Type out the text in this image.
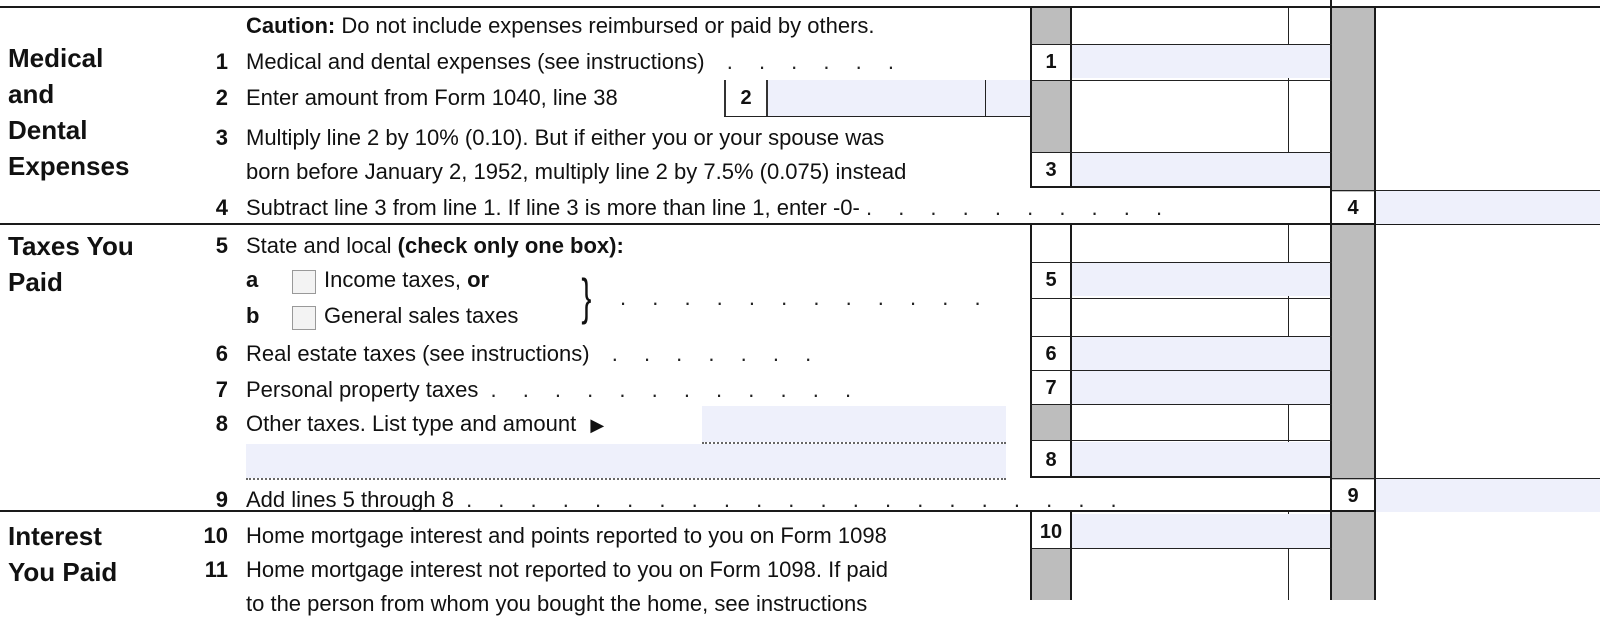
Medical
and
Dental
Expenses
Taxes You
Paid
Interest
You Paid
1
3
4
5
6
7
8
9
10
2
1
2
3
4
5
6
7
8
9
10
11
Caution: Do not include expenses reimbursed or paid by others.
Medical and dental expenses (see instructions) . . . . . .
Enter amount from Form 1040, line 38
Multiply line 2 by 10% (0.10). But if either you or your spouse was
born before January 2, 1952, multiply line 2 by 7.5% (0.075) instead
Subtract line 3 from line 1. If line 3 is more than line 1, enter -0- . . . . . . . . . .
State and local (check only one box):
a	Income taxes, or
b	General sales taxes } . . . . . . . . . . . .
Real estate taxes (see instructions) . . . . . . .
Personal property taxes . . . . . . . . . . . .
Other taxes. List type and amount ▶
Add lines 5 through 8 . . . . . . . . . . . . . . . . . . . . .
Home mortgage interest and points reported to you on Form 1098
Home mortgage interest not reported to you on Form 1098. If paid
to the person from whom you bought the home, see instructions
